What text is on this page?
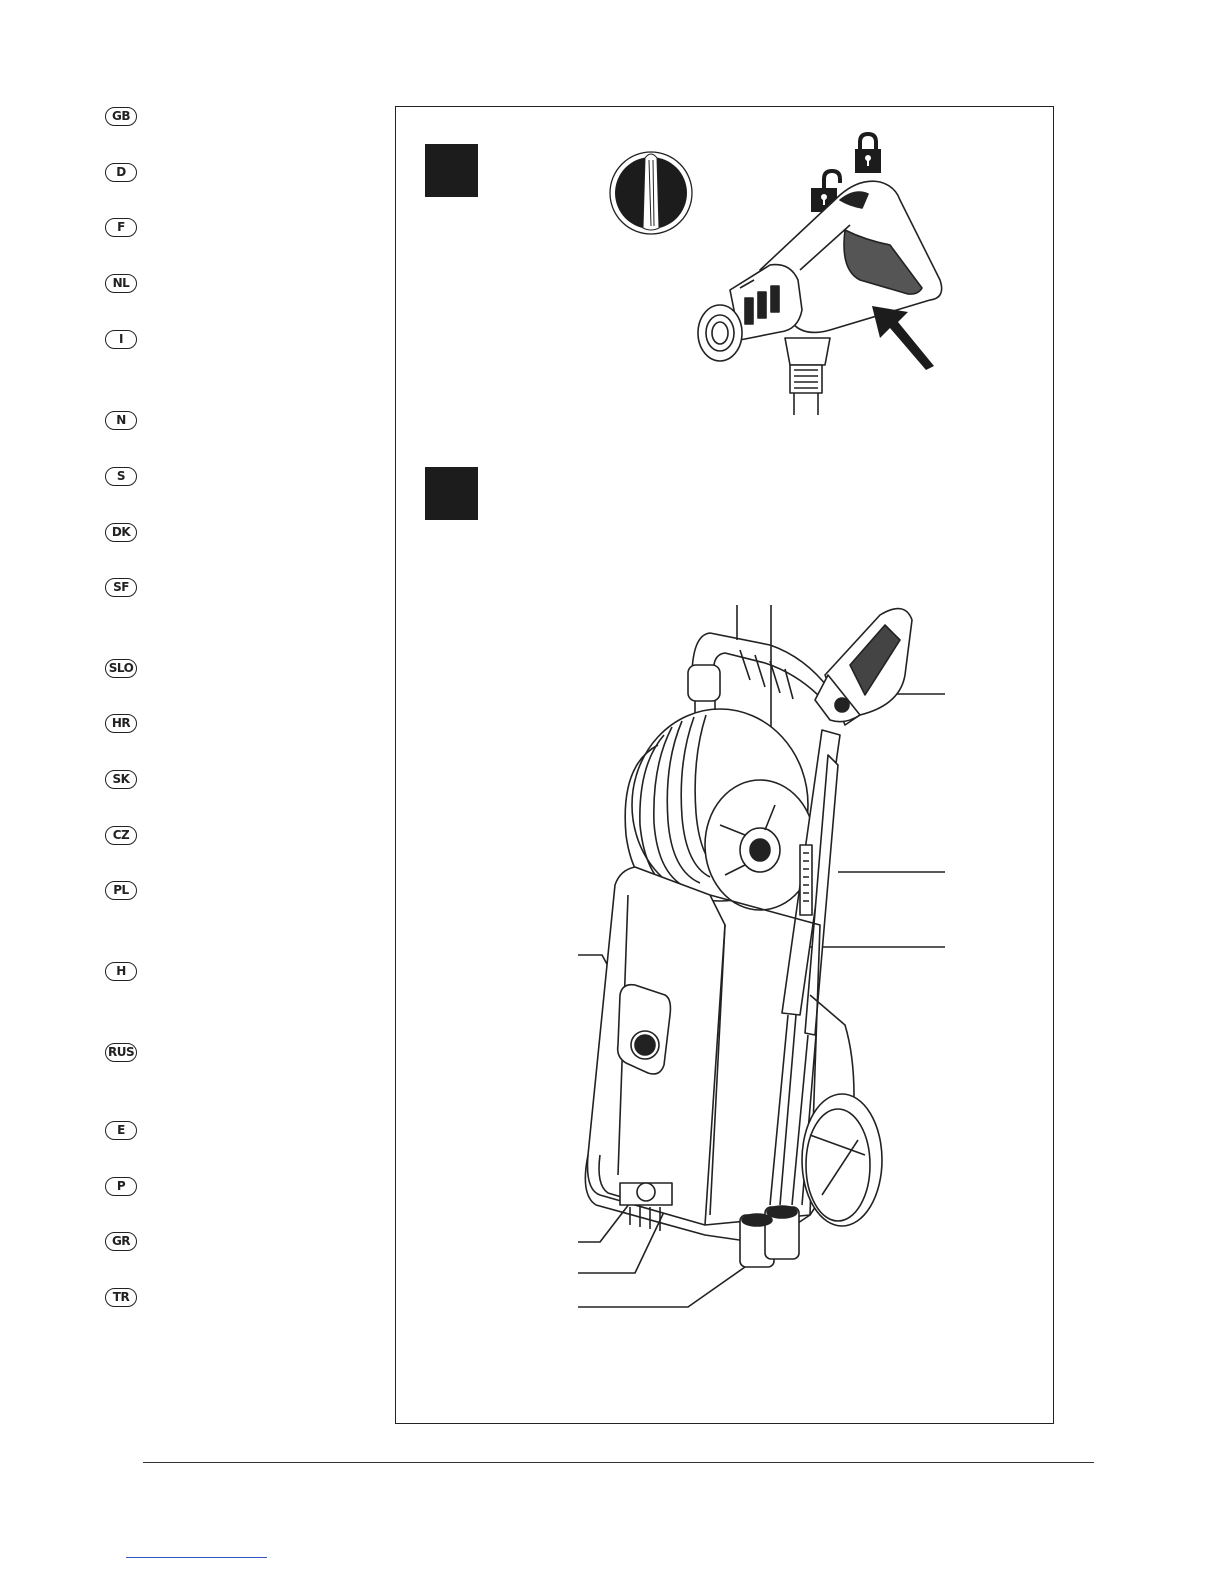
GB
D
F
NL
I
N
S
DK
SF
SLO
HR
SK
CZ
PL
H
RUS
E
P
GR
TR
